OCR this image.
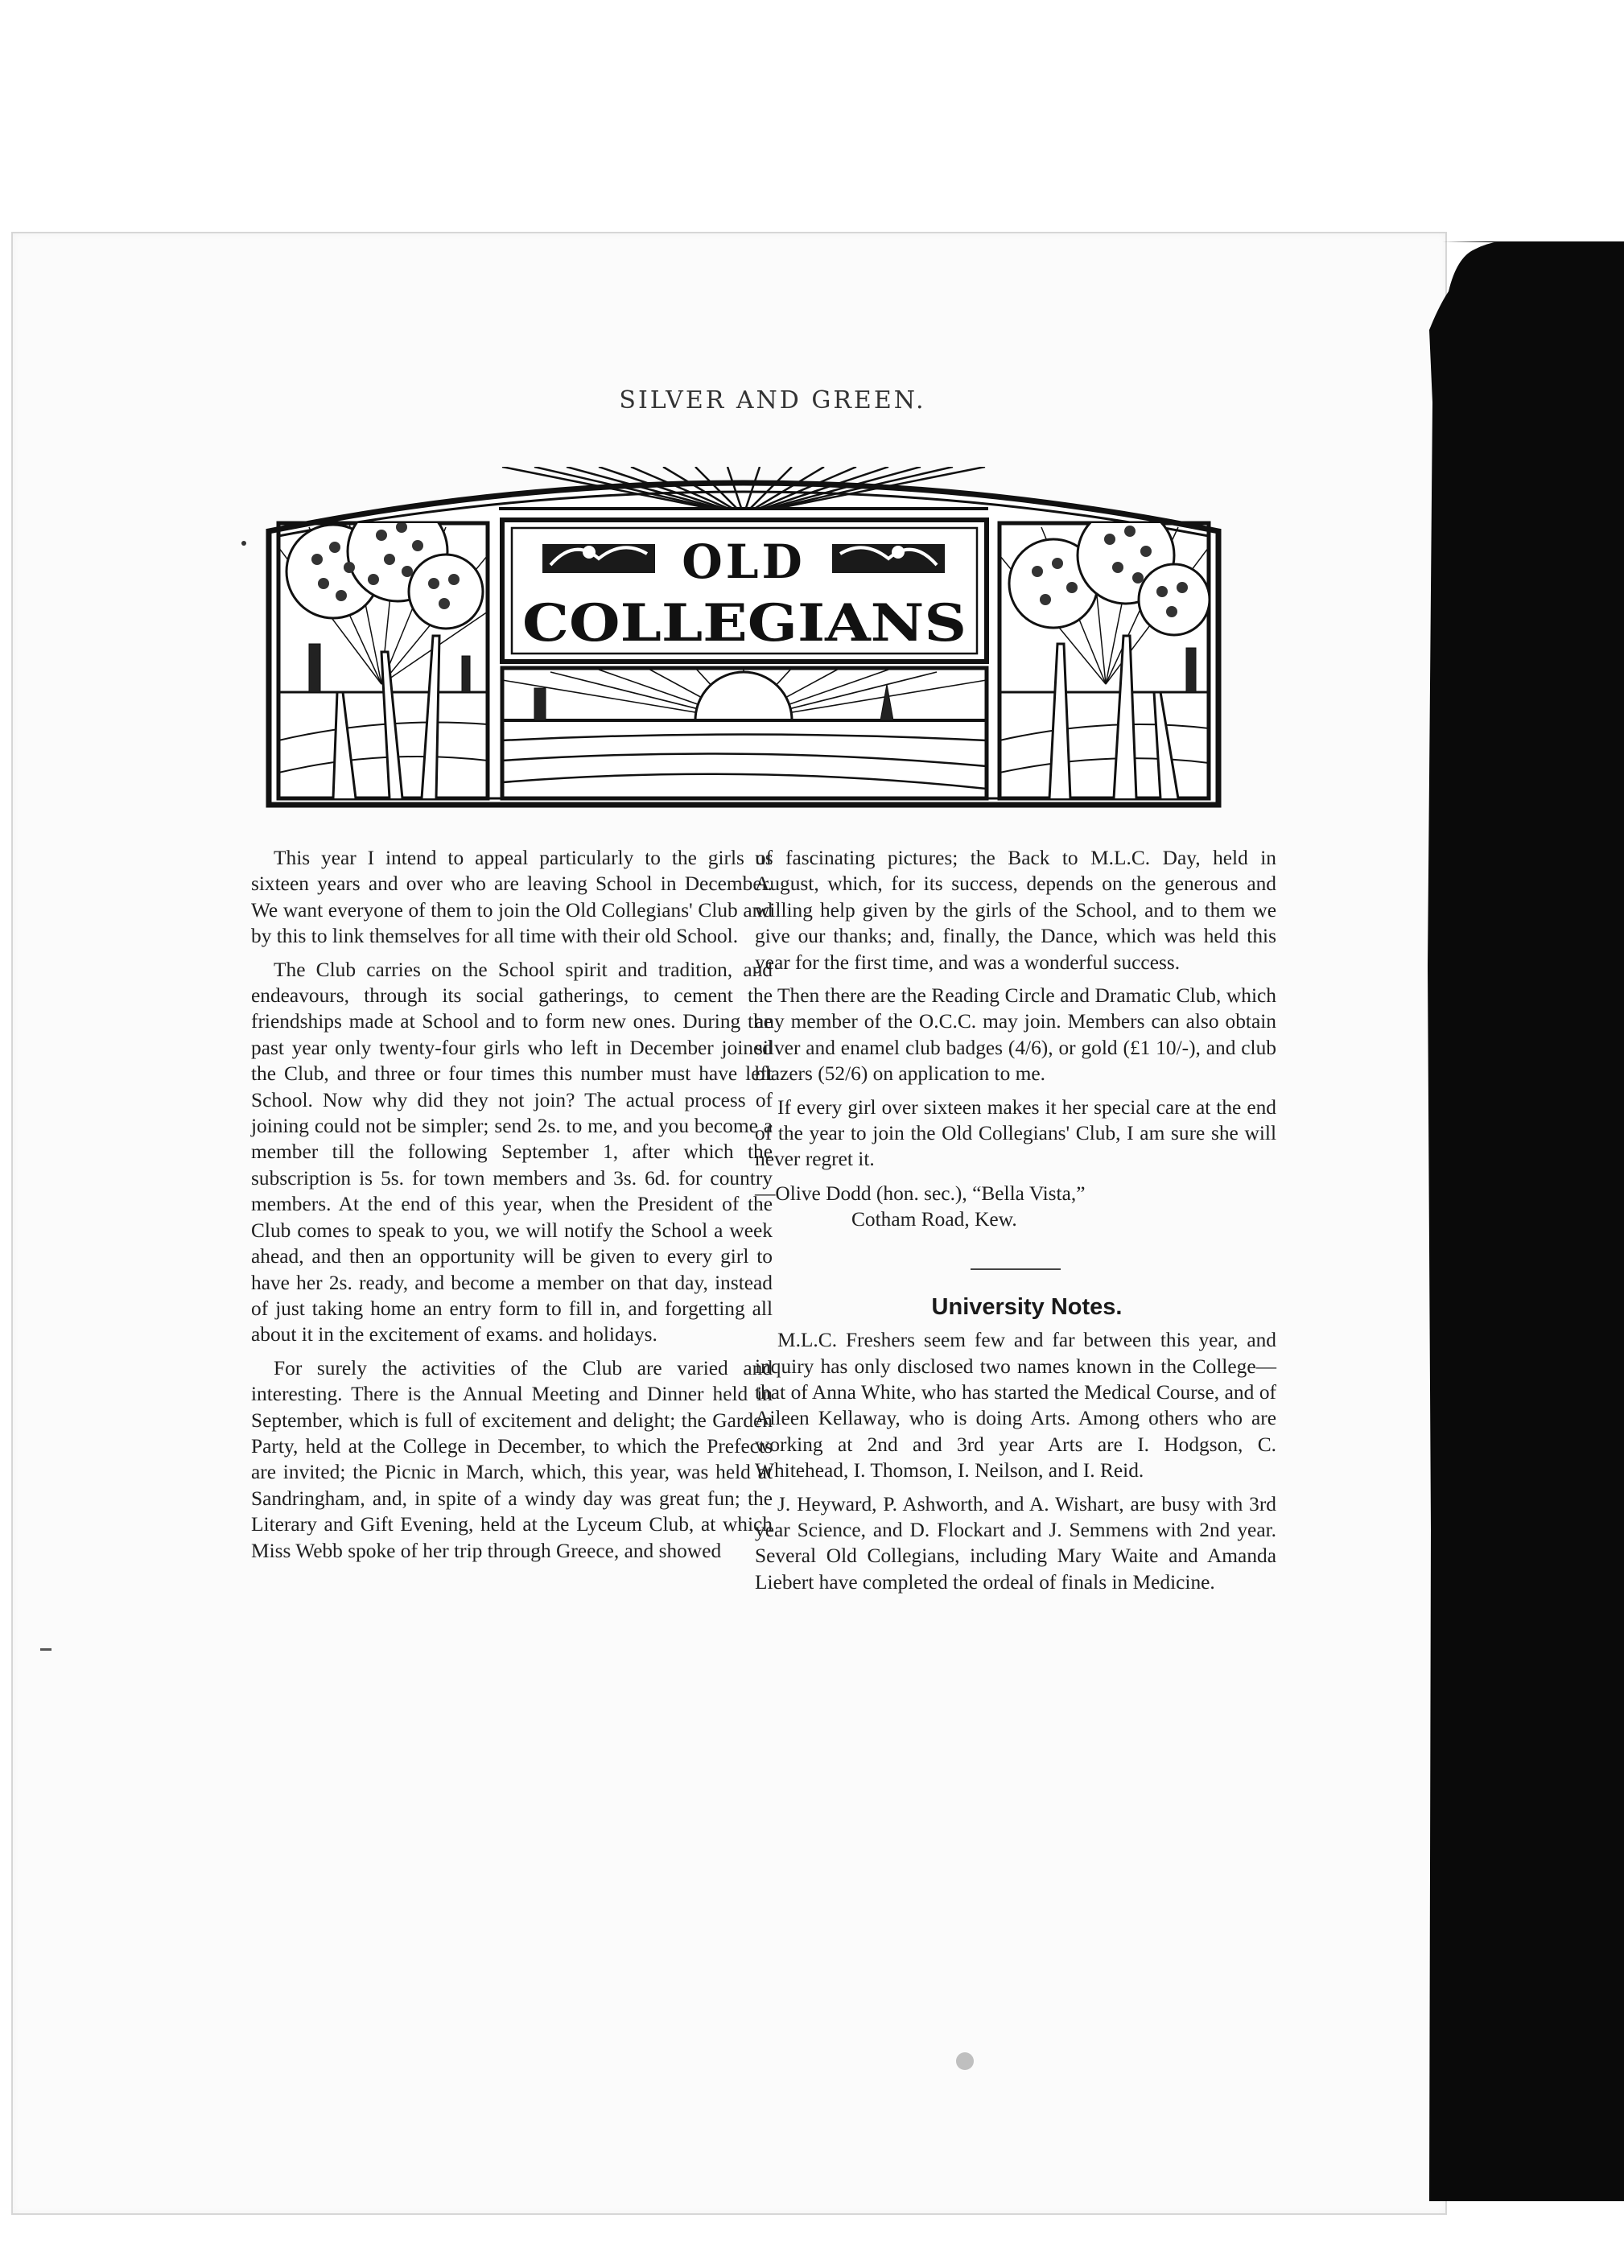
SILVER AND GREEN.
OLD
COLLEGIANS

This year I intend to appeal particularly to the girls of sixteen years and over who are leaving School in December. We want everyone of them to join the Old Collegians' Club and by this to link themselves for all time with their old School.

The Club carries on the School spirit and tradition, and endeavours, through its social gatherings, to cement the friendships made at School and to form new ones. During the past year only twenty-four girls who left in December joined the Club, and three or four times this number must have left School. Now why did they not join? The actual process of joining could not be simpler; send 2s. to me, and you become a member till the following September 1, after which the subscription is 5s. for town members and 3s. 6d. for country members. At the end of this year, when the President of the Club comes to speak to you, we will notify the School a week ahead, and then an opportunity will be given to every girl to have her 2s. ready, and become a member on that day, instead of just taking home an entry form to fill in, and forgetting all about it in the excitement of exams. and holidays.

For surely the activities of the Club are varied and interesting. There is the Annual Meeting and Dinner held in September, which is full of excitement and delight; the Garden Party, held at the College in December, to which the Prefects are invited; the Picnic in March, which, this year, was held at Sandringham, and, in spite of a windy day was great fun; the Literary and Gift Evening, held at the Lyceum Club, at which Miss Webb spoke of her trip through Greece, and showed

us fascinating pictures; the Back to M.L.C. Day, held in August, which, for its success, depends on the generous and willing help given by the girls of the School, and to them we give our thanks; and, finally, the Dance, which was held this year for the first time, and was a wonderful success.

Then there are the Reading Circle and Dramatic Club, which any member of the O.C.C. may join. Members can also obtain silver and enamel club badges (4/6), or gold (£1 10/-), and club blazers (52/6) on application to me.

If every girl over sixteen makes it her special care at the end of the year to join the Old Collegians' Club, I am sure she will never regret it.

—Olive Dodd (hon. sec.), “Bella Vista,”
Cotham Road, Kew.

University Notes.

M.L.C. Freshers seem few and far between this year, and inquiry has only disclosed two names known in the College—that of Anna White, who has started the Medical Course, and of Aileen Kellaway, who is doing Arts. Among others who are working at 2nd and 3rd year Arts are I. Hodgson, C. Whitehead, I. Thomson, I. Neilson, and I. Reid.

J. Heyward, P. Ashworth, and A. Wishart, are busy with 3rd year Science, and D. Flockart and J. Semmens with 2nd year. Several Old Collegians, including Mary Waite and Amanda Liebert have completed the ordeal of finals in Medicine.
